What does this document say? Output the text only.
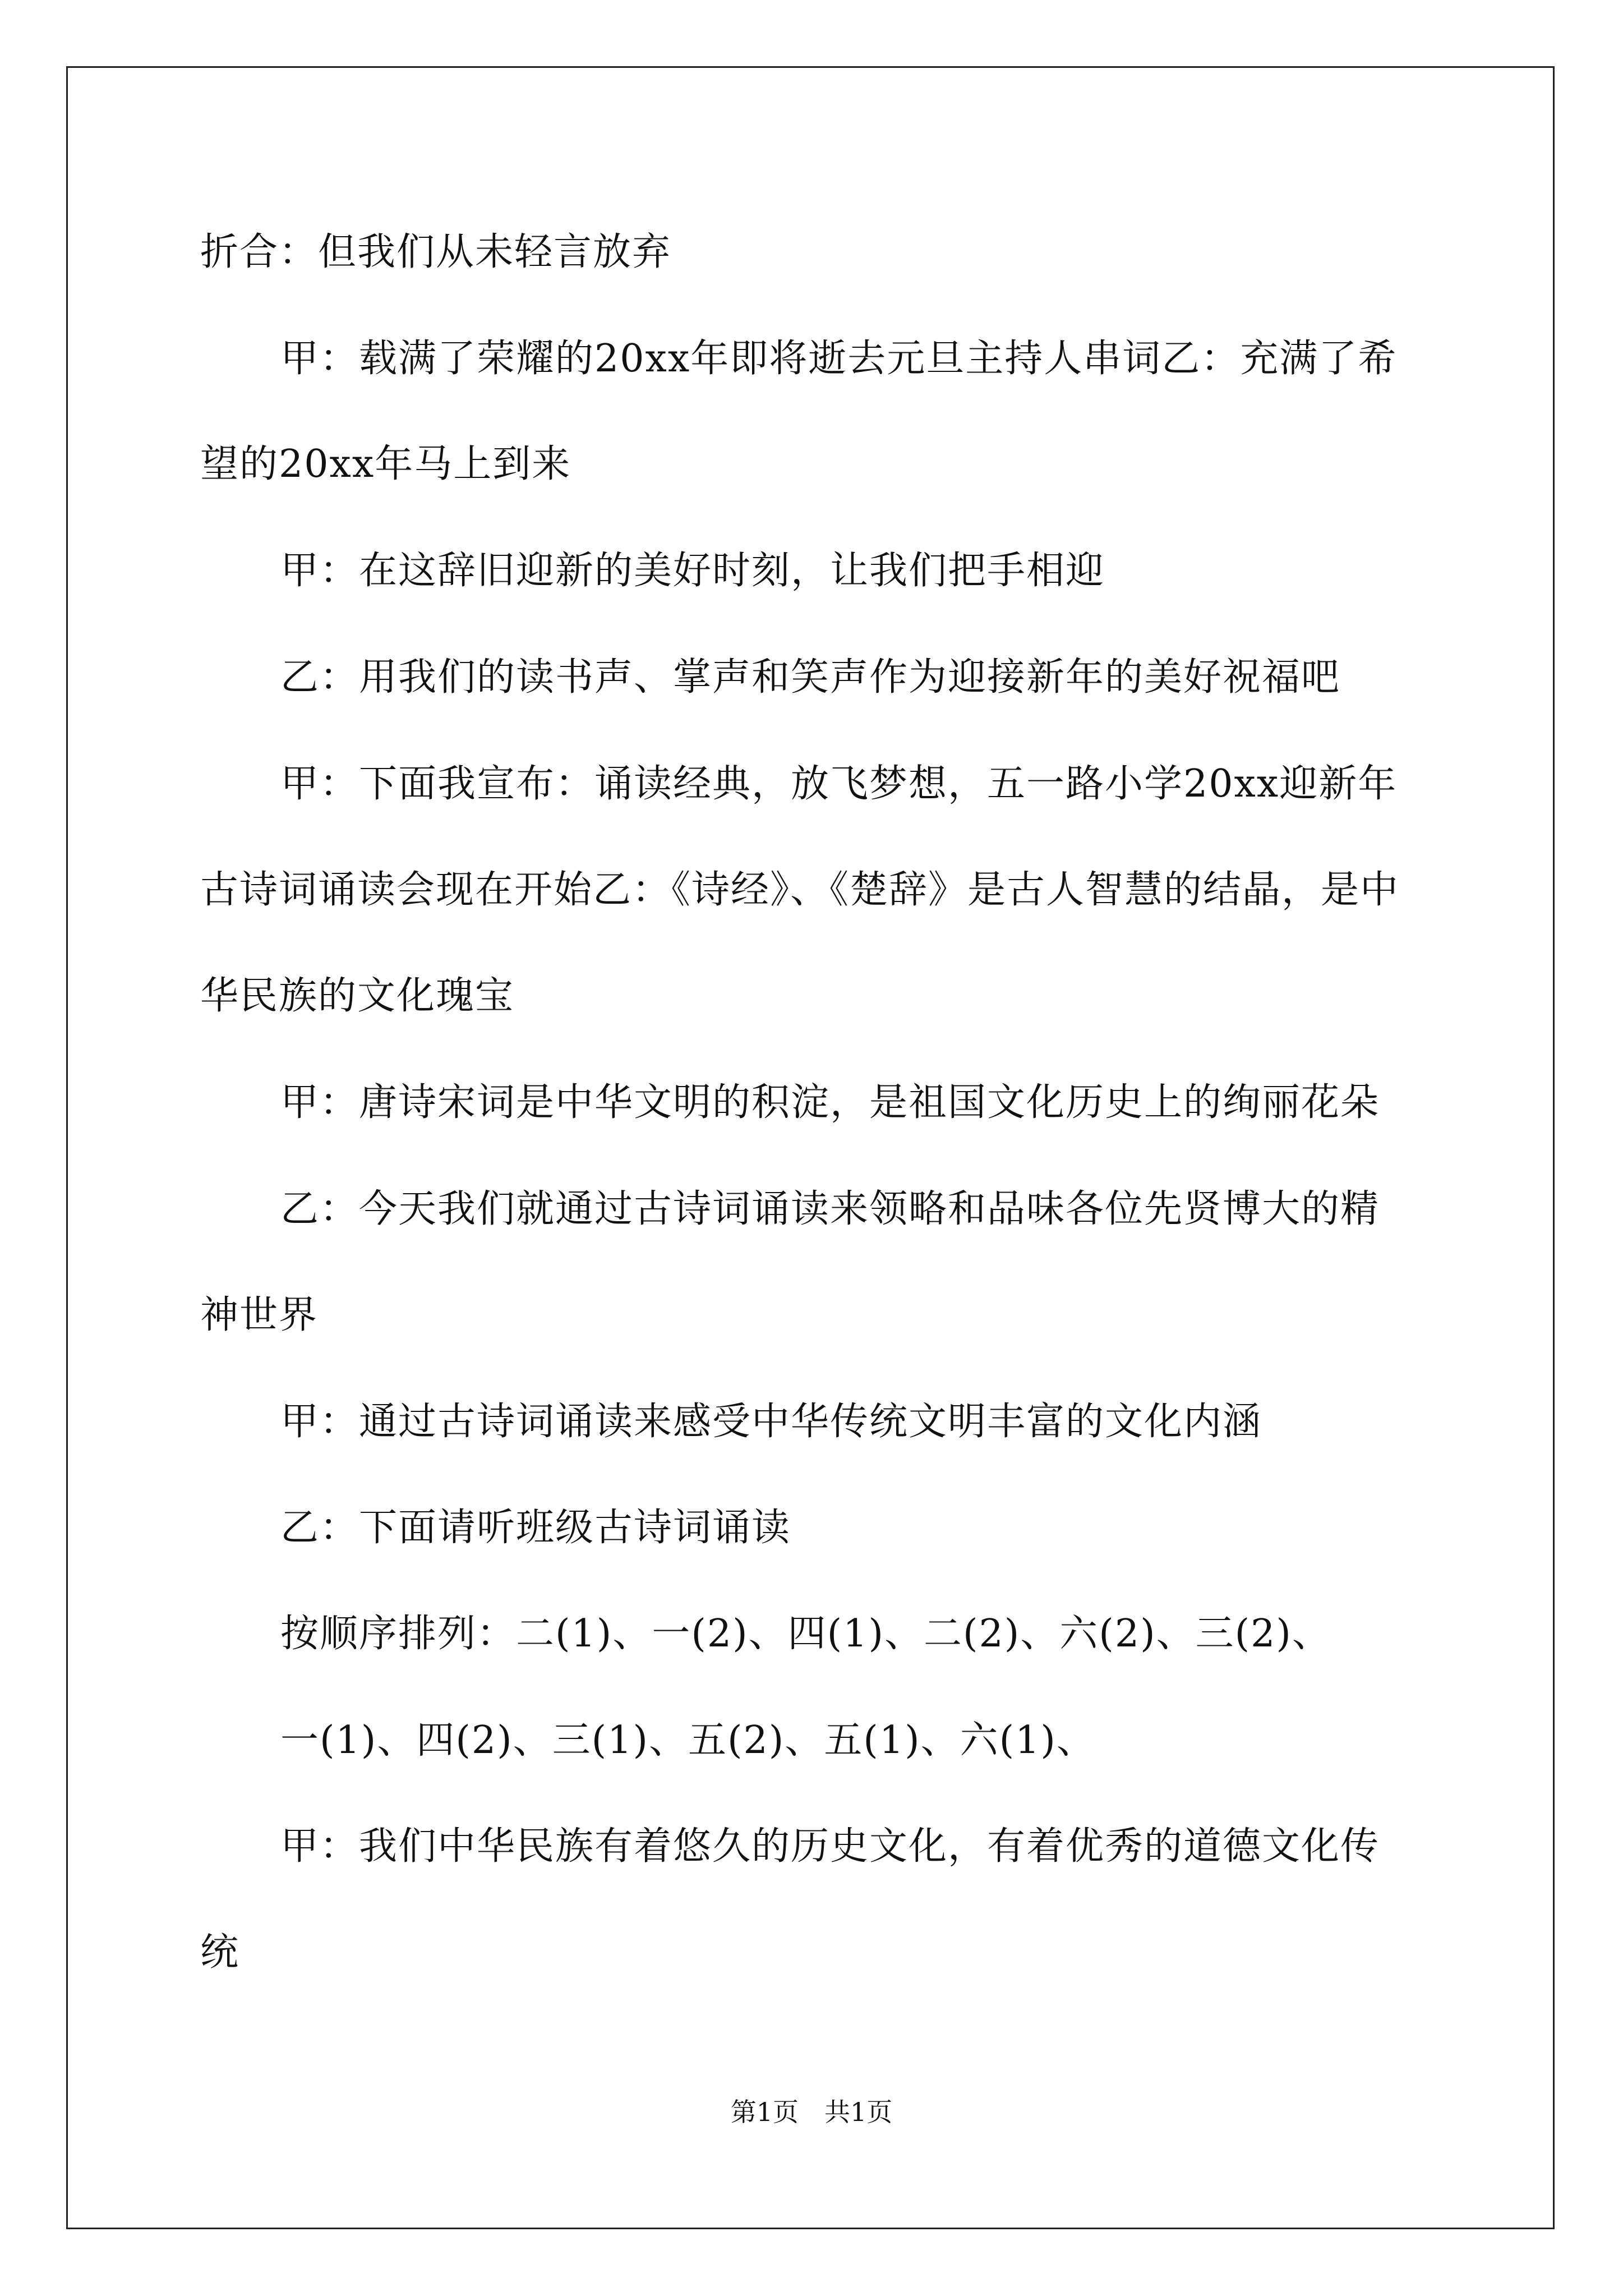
折合：但我们从未轻言放弃
甲：载满了荣耀的20xx年即将逝去元旦主持人串词乙：充满了希
望的20xx年马上到来
甲：在这辞旧迎新的美好时刻，让我们把手相迎
乙：用我们的读书声、掌声和笑声作为迎接新年的美好祝福吧
甲：下面我宣布：诵读经典，放飞梦想，五一路小学20xx迎新年
古诗词诵读会现在开始乙：《诗经》、《楚辞》是古人智慧的结晶，是中
华民族的文化瑰宝
甲：唐诗宋词是中华文明的积淀，是祖国文化历史上的绚丽花朵
乙：今天我们就通过古诗词诵读来领略和品味各位先贤博大的精
神世界
甲：通过古诗词诵读来感受中华传统文明丰富的文化内涵
乙：下面请听班级古诗词诵读
按顺序排列：二(1)、一(2)、四(1)、二(2)、六(2)、三(2)、
一(1)、四(2)、三(1)、五(2)、五(1)、六(1)、
甲：我们中华民族有着悠久的历史文化，有着优秀的道德文化传
统
第1页　共1页
